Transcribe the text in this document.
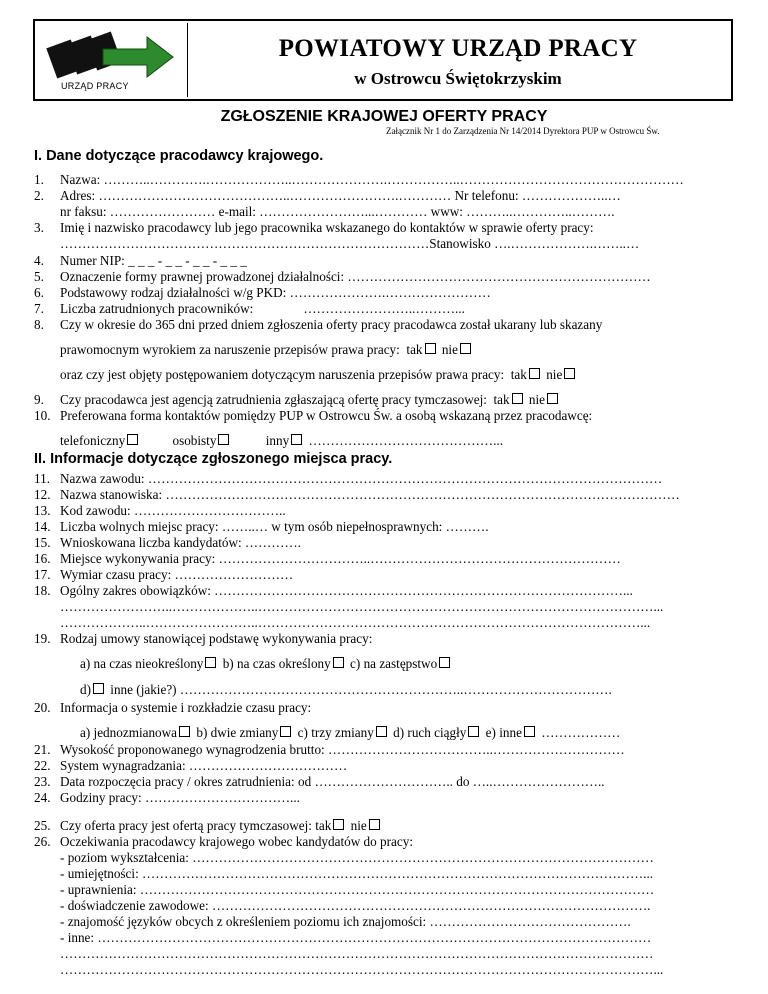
URZĄD PRACY
POWIATOWY URZĄD PRACY
w Ostrowcu Świętokrzyskim
ZGŁOSZENIE KRAJOWEJ OFERTY PRACY
Załącznik Nr 1 do Zarządzenia Nr 14/2014 Dyrektora PUP w Ostrowcu Św.
I. Dane dotyczące pracodawcy krajowego.
1. Nazwa: ………..………….………………..………………….……………..……………………………………………
2. Adres: ……………………………………..…………………….………… Nr telefonu: ………………..…
nr faksu: …………………… e-mail: ……………………...………… www: ………..…………..……….
3. Imię i nazwisko pracodawcy lub jego pracownika wskazanego do kontaktów w sprawie oferty pracy:
…………………………………………………………………………Stanowisko ….……………….……..…
4. Numer NIP: _ _ _ - _ _ - _ _ - _ _ _
5. Oznaczenie formy prawnej prowadzonej działalności: ……………………………………………………………
6. Podstawowy rodzaj działalności w/g PKD: ………………….……………………
7. Liczba zatrudnionych pracowników:	……………………..………...
8. Czy w okresie do 365 dni przed dniem zgłoszenia oferty pracy pracodawca został ukarany lub skazany
prawomocnym wyrokiem za naruszenie przepisów prawa pracy: tak nie
oraz czy jest objęty postępowaniem dotyczącym naruszenia przepisów prawa pracy: tak nie
9. Czy pracodawca jest agencją zatrudnienia zgłaszającą ofertę pracy tymczasowej: tak nie
10. Preferowana forma kontaktów pomiędzy PUP w Ostrowcu Św. a osobą wskazaną przez pracodawcę:
telefoniczny	osobisty	inny ……………………………………...
II. Informacje dotyczące zgłoszonego miejsca pracy.
11. Nazwa zawodu: ………………………………………………………………………………………………………
12. Nazwa stanowiska: ………………………………………………………………………………………………………
13. Kod zawodu: ……………………………..
14. Liczba wolnych miejsc pracy: ……..… w tym osób niepełnosprawnych: ……….
15. Wnioskowana liczba kandydatów: ………….
16. Miejsce wykonywania pracy: ……………………………..…………………………………………………
17. Wymiar czasu pracy: ………………………
18. Ogólny zakres obowiązków: …………………………………………………………………………………...
……………………..………………..………………………………………………………………………………...
………………..……………………..……………………………………………………………………………...
19. Rodzaj umowy stanowiącej podstawę wykonywania pracy:
a) na czas nieokreślony b) na czas określony c) na zastępstwo
d) inne (jakie?) ………………………………………………………..…………………………….
20. Informacja o systemie i rozkładzie czasu pracy:
a) jednozmianowa b) dwie zmiany c) trzy zmiany d) ruch ciągły e) inne ………………
21. Wysokość proponowanego wynagrodzenia brutto: ………………………………..…………………………
22. System wynagradzania: ………………………………
23. Data rozpoczęcia pracy / okres zatrudnienia: od ………………………….. do …..……………………..
24. Godziny pracy: ……………………………...
25. Czy oferta pracy jest ofertą pracy tymczasowej: tak nie
26. Oczekiwania pracodawcy krajowego wobec kandydatów do pracy:
- poziom wykształcenia: ……………………………………………………………………………………………
- umiejętności: ……………………………………………………………………………………………………...
- uprawnienia: ………………………………………………………………………………………………………
- doświadczenie zawodowe: ……………………………………………………………………………………….
- znajomość języków obcych z określeniem poziomu ich znajomości: ……………………………………….
- inne: ………………………………………………………………………………………………………………
………………………………………………………………………………………………………………………
………………………………………………………………………………………………………………………...
